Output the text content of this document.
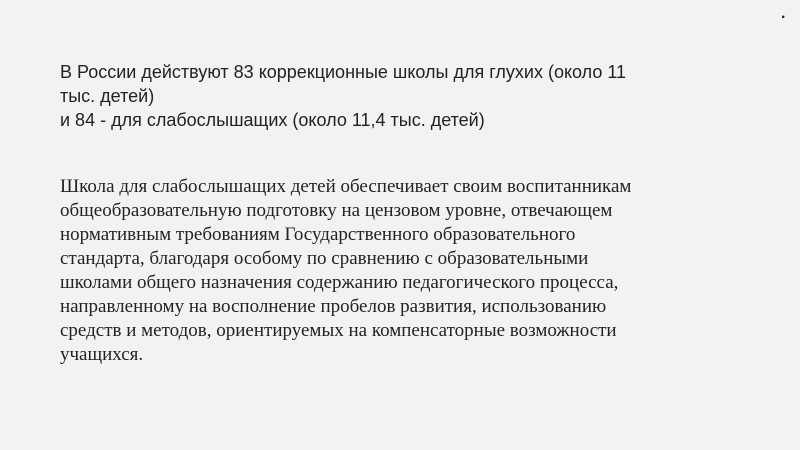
.

В России действуют 83 коррекционные школы для глухих (около 11
тыс. детей)
и 84 - для слабослышащих (около 11,4 тыс. детей)

Школа для слабослышащих детей обеспечивает своим воспитанникам
общеобразовательную подготовку на цензовом уровне, отвечающем
нормативным требованиям Государственного образовательного
стандарта, благодаря особому по сравнению с образовательными
школами общего назначения содержанию педагогического процесса,
направленному на восполнение пробелов развития, использованию
средств и методов, ориентируемых на компенсаторные возможности
учащихся.
